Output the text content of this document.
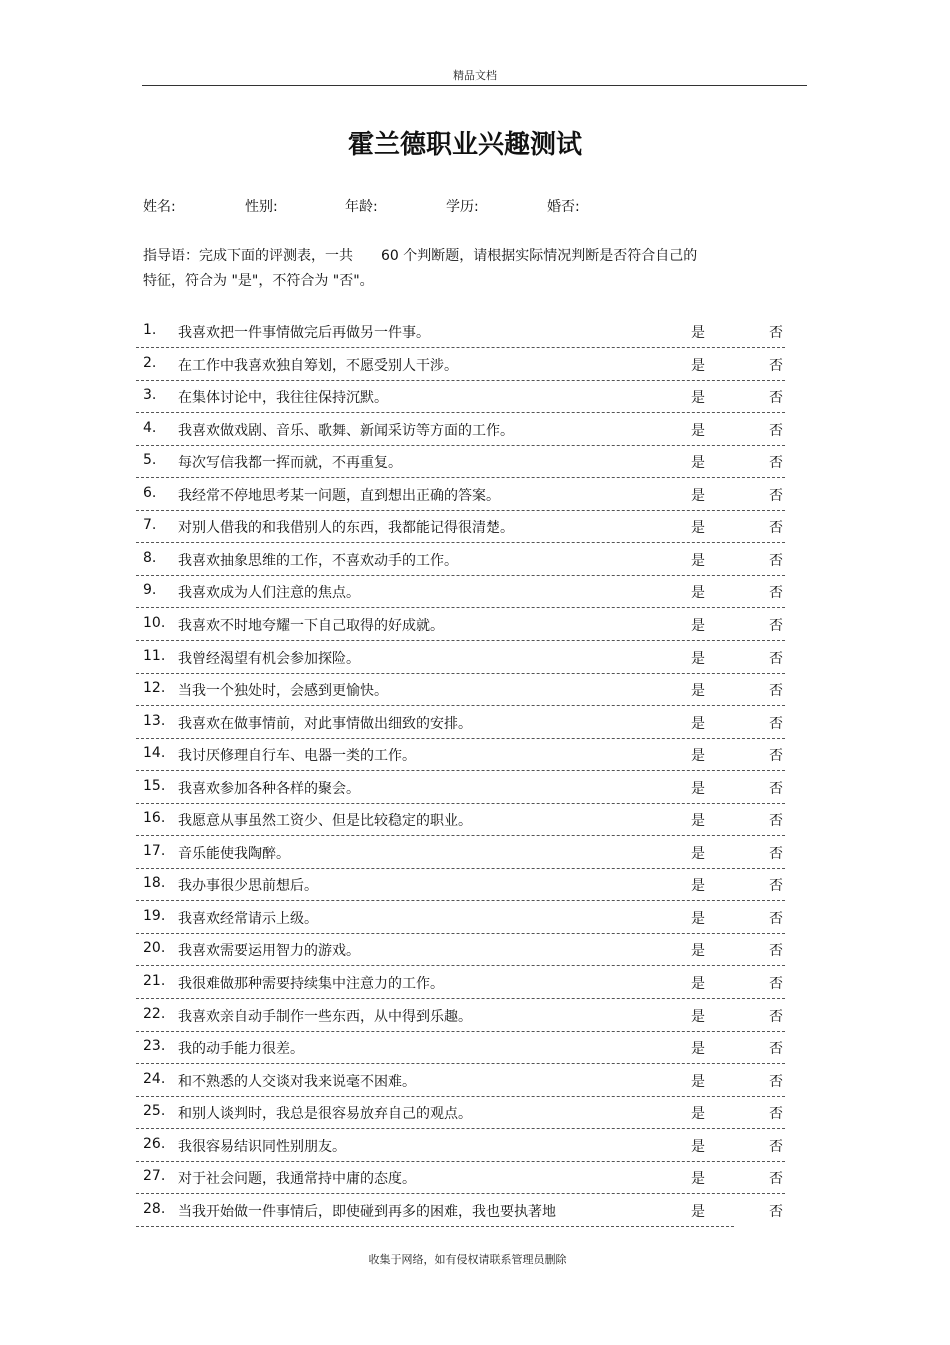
精品文档
霍兰德职业兴趣测试
姓名:	性别:	年龄:	学历:	婚否:
指导语：完成下面的评测表，一共　　60 个判断题，请根据实际情况判断是否符合自己的
特征，符合为 "是"，不符合为 "否"。
1. 我喜欢把一件事情做完后再做另一件事。	是	否
2. 在工作中我喜欢独自筹划，不愿受别人干涉。	是	否
3. 在集体讨论中，我往往保持沉默。	是	否
4. 我喜欢做戏剧、音乐、歌舞、新闻采访等方面的工作。	是	否
5. 每次写信我都一挥而就，不再重复。	是	否
6. 我经常不停地思考某一问题，直到想出正确的答案。	是	否
7. 对别人借我的和我借别人的东西，我都能记得很清楚。	是	否
8. 我喜欢抽象思维的工作，不喜欢动手的工作。	是	否
9. 我喜欢成为人们注意的焦点。	是	否
10. 我喜欢不时地夸耀一下自己取得的好成就。	是	否
11. 我曾经渴望有机会参加探险。	是	否
12. 当我一个独处时，会感到更愉快。	是	否
13. 我喜欢在做事情前，对此事情做出细致的安排。	是	否
14. 我讨厌修理自行车、电器一类的工作。	是	否
15. 我喜欢参加各种各样的聚会。	是	否
16. 我愿意从事虽然工资少、但是比较稳定的职业。	是	否
17. 音乐能使我陶醉。	是	否
18. 我办事很少思前想后。	是	否
19. 我喜欢经常请示上级。	是	否
20. 我喜欢需要运用智力的游戏。	是	否
21. 我很难做那种需要持续集中注意力的工作。	是	否
22. 我喜欢亲自动手制作一些东西，从中得到乐趣。	是	否
23. 我的动手能力很差。	是	否
24. 和不熟悉的人交谈对我来说毫不困难。	是	否
25. 和别人谈判时，我总是很容易放弃自己的观点。	是	否
26. 我很容易结识同性别朋友。	是	否
27. 对于社会问题，我通常持中庸的态度。	是	否
28. 当我开始做一件事情后，即使碰到再多的困难，我也要执著地	是	否
收集于网络，如有侵权请联系管理员删除
